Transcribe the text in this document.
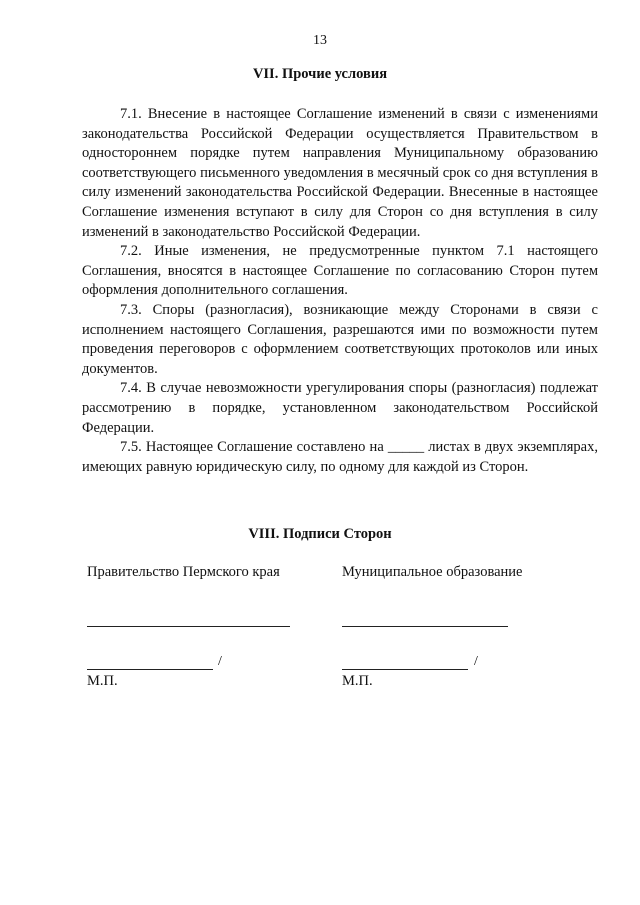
13
VII. Прочие условия

7.1. Внесение в настоящее Соглашение изменений в связи с изменениями законодательства Российской Федерации осуществляется Правительством в одностороннем порядке путем направления Муниципальному образованию соответствующего письменного уведомления в месячный срок со дня вступления в силу изменений законодательства Российской Федерации. Внесенные в настоящее Соглашение изменения вступают в силу для Сторон со дня вступления в силу изменений в законодательство Российской Федерации.

7.2. Иные изменения, не предусмотренные пунктом 7.1 настоящего Соглашения, вносятся в настоящее Соглашение по согласованию Сторон путем оформления дополнительного соглашения.

7.3. Споры (разногласия), возникающие между Сторонами в связи с исполнением настоящего Соглашения, разрешаются ими по возможности путем проведения переговоров с оформлением соответствующих протоколов или иных документов.

7.4. В случае невозможности урегулирования споры (разногласия) подлежат рассмотрению в порядке, установленном законодательством Российской Федерации.

7.5. Настоящее Соглашение составлено на _____ листах в двух экземплярах, имеющих равную юридическую силу, по одному для каждой из Сторон.

VIII. Подписи Сторон
Правительство Пермского края
/
М.П.
Муниципальное образование
/
М.П.
